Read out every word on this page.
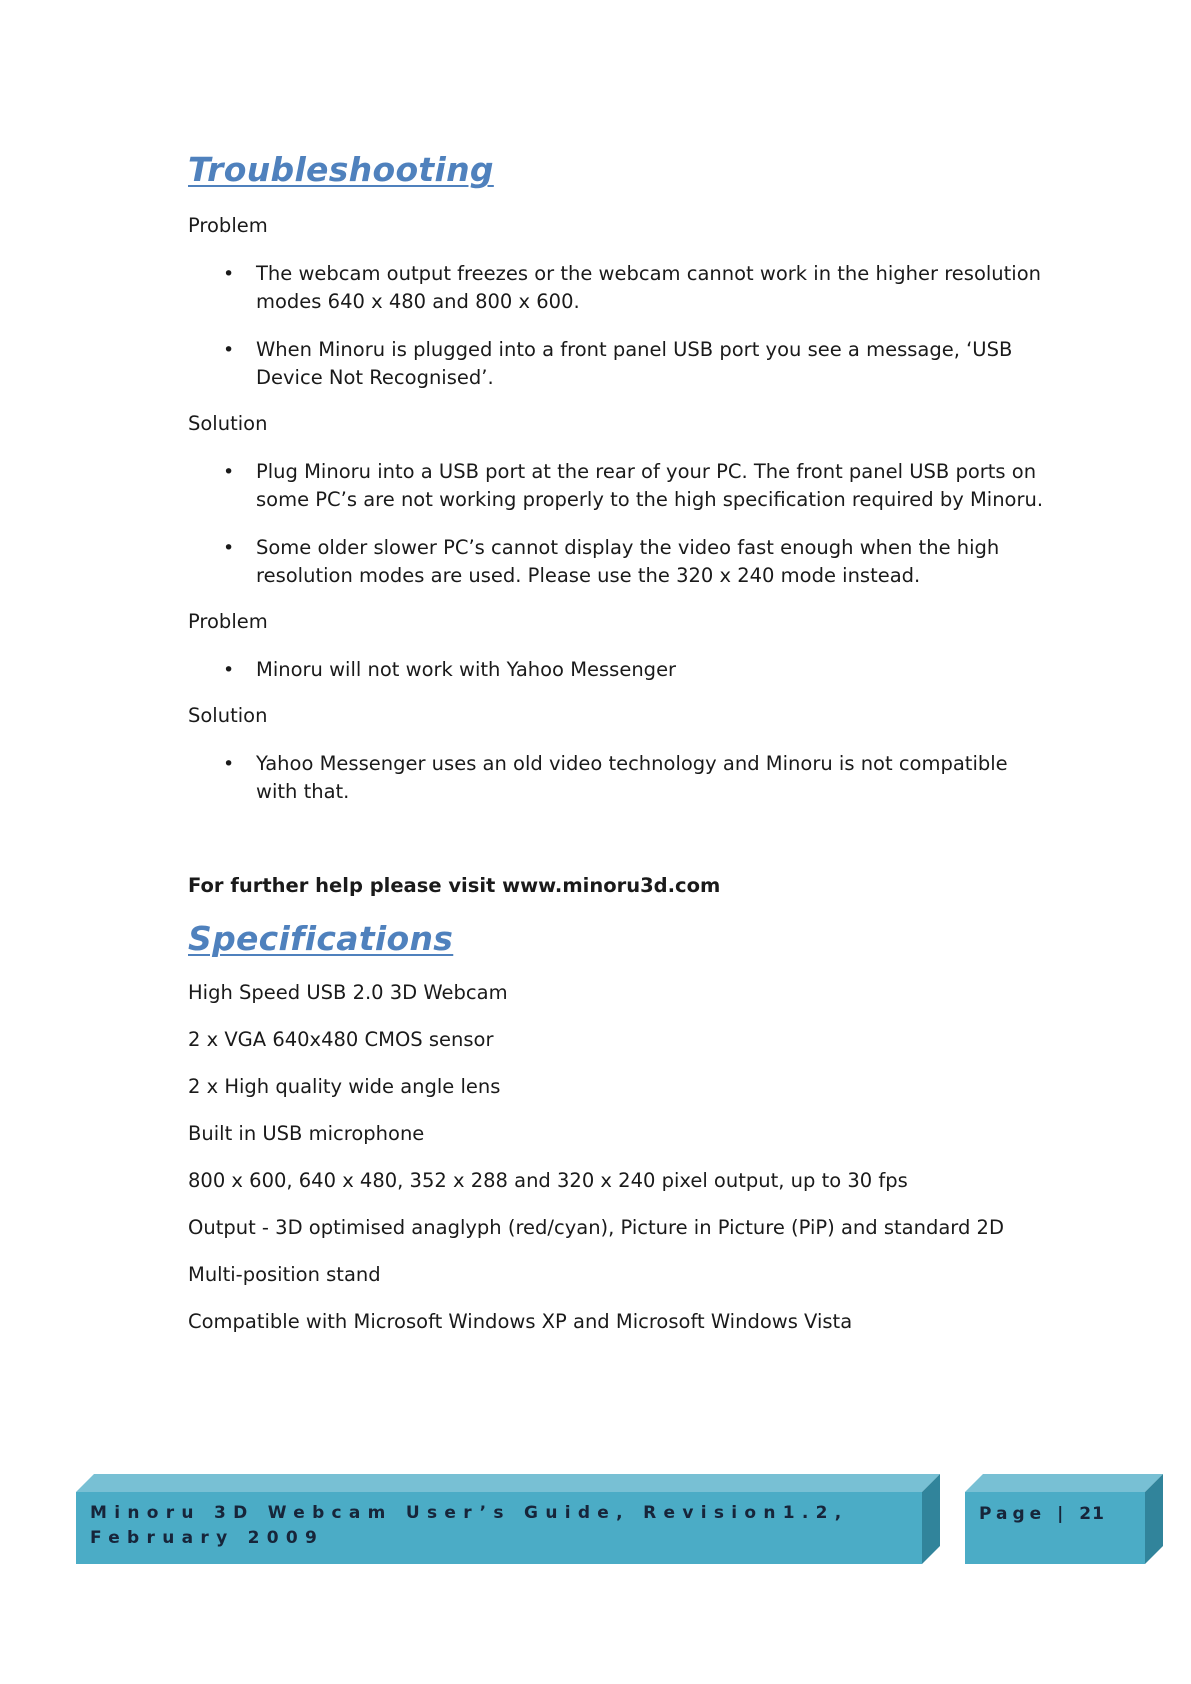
Troubleshooting

Problem

• The webcam output freezes or the webcam cannot work in the higher resolution modes 640 x 480 and 800 x 600.
• When Minoru is plugged into a front panel USB port you see a message, ‘USB Device Not Recognised’.

Solution

• Plug Minoru into a USB port at the rear of your PC. The front panel USB ports on some PC’s are not working properly to the high specification required by Minoru.
• Some older slower PC’s cannot display the video fast enough when the high resolution modes are used. Please use the 320 x 240 mode instead.

Problem

• Minoru will not work with Yahoo Messenger

Solution

• Yahoo Messenger uses an old video technology and Minoru is not compatible with that.

For further help please visit www.minoru3d.com

Specifications

High Speed USB 2.0 3D Webcam

2 x VGA 640x480 CMOS sensor

2 x High quality wide angle lens

Built in USB microphone

800 x 600, 640 x 480, 352 x 288 and 320 x 240 pixel output, up to 30 fps

Output - 3D optimised anaglyph (red/cyan), Picture in Picture (PiP) and standard 2D

Multi-position stand

Compatible with Microsoft Windows XP and Microsoft Windows Vista

Minoru 3D Webcam User’s Guide, Revision1.2, February 2009
Page | 21
